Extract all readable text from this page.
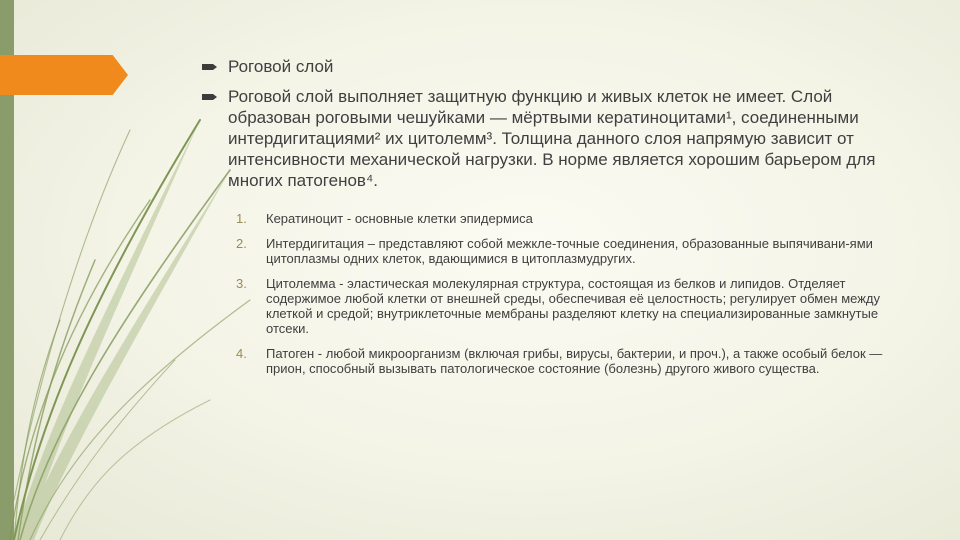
Роговой слой
Роговой слой выполняет защитную функцию и живых клеток не имеет. Слой образован роговыми чешуйками — мёртвыми кератиноцитами¹, соединенными интердигитациями² их цитолемм³. Толщина данного слоя напрямую зависит от интенсивности механической нагрузки. В норме является хорошим барьером для многих патогенов⁴.
1.	Кератиноцит - основные клетки эпидермиса
2.	Интердигитация – представляют собой межкле-точные соединения, образованные выпячивани-ями цитоплазмы одних клеток, вдающимися в цитоплазмудругих.
3.	Цитолемма - эластическая молекулярная структура, состоящая из белков и липидов. Отделяет содержимое любой клетки от внешней среды, обеспечивая её целостность; регулирует обмен между клеткой и средой; внутриклеточные мембраны разделяют клетку на специализированные замкнутые отсеки.
4.	Патоген - любой микроорганизм (включая грибы, вирусы, бактерии, и проч.), а также особый белок — прион, способный вызывать патологическое состояние (болезнь) другого живого существа.
